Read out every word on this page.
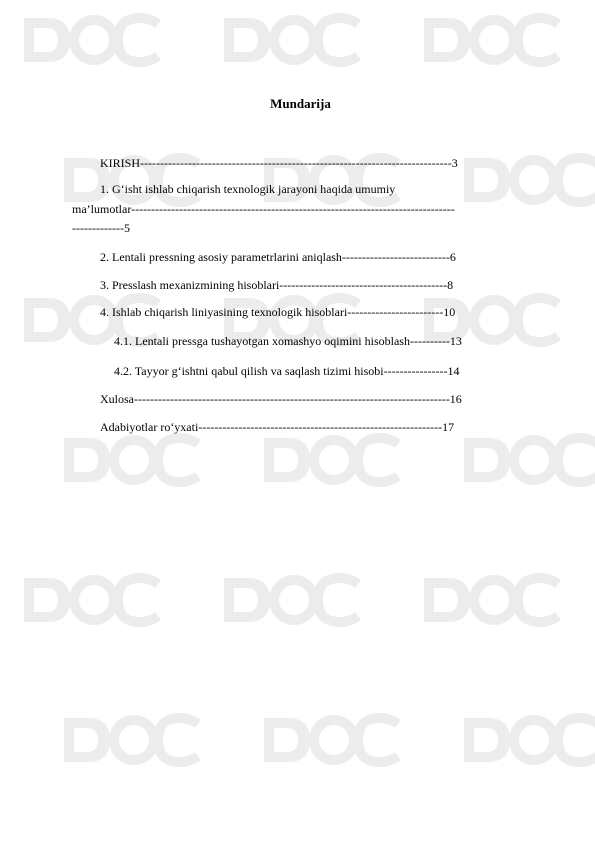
Mundarija
KIRISH------------------------------------------------------------------------------3
1. G‘isht ishlab chiqarish texnologik jarayoni haqida umumiy
ma’lumotlar---------------------------------------------------------------------------------
-------------5
2. Lentali pressning asosiy parametrlarini aniqlash---------------------------6
3. Presslash mexanizmining hisoblari------------------------------------------8
4. Ishlab chiqarish liniyasining texnologik hisoblari------------------------10
4.1. Lentali pressga tushayotgan xomashyo oqimini hisoblash----------13
4.2. Tayyor g‘ishtni qabul qilish va saqlash tizimi hisobi----------------14
Xulosa-------------------------------------------------------------------------------16
Adabiyotlar ro‘yxati-------------------------------------------------------------17
